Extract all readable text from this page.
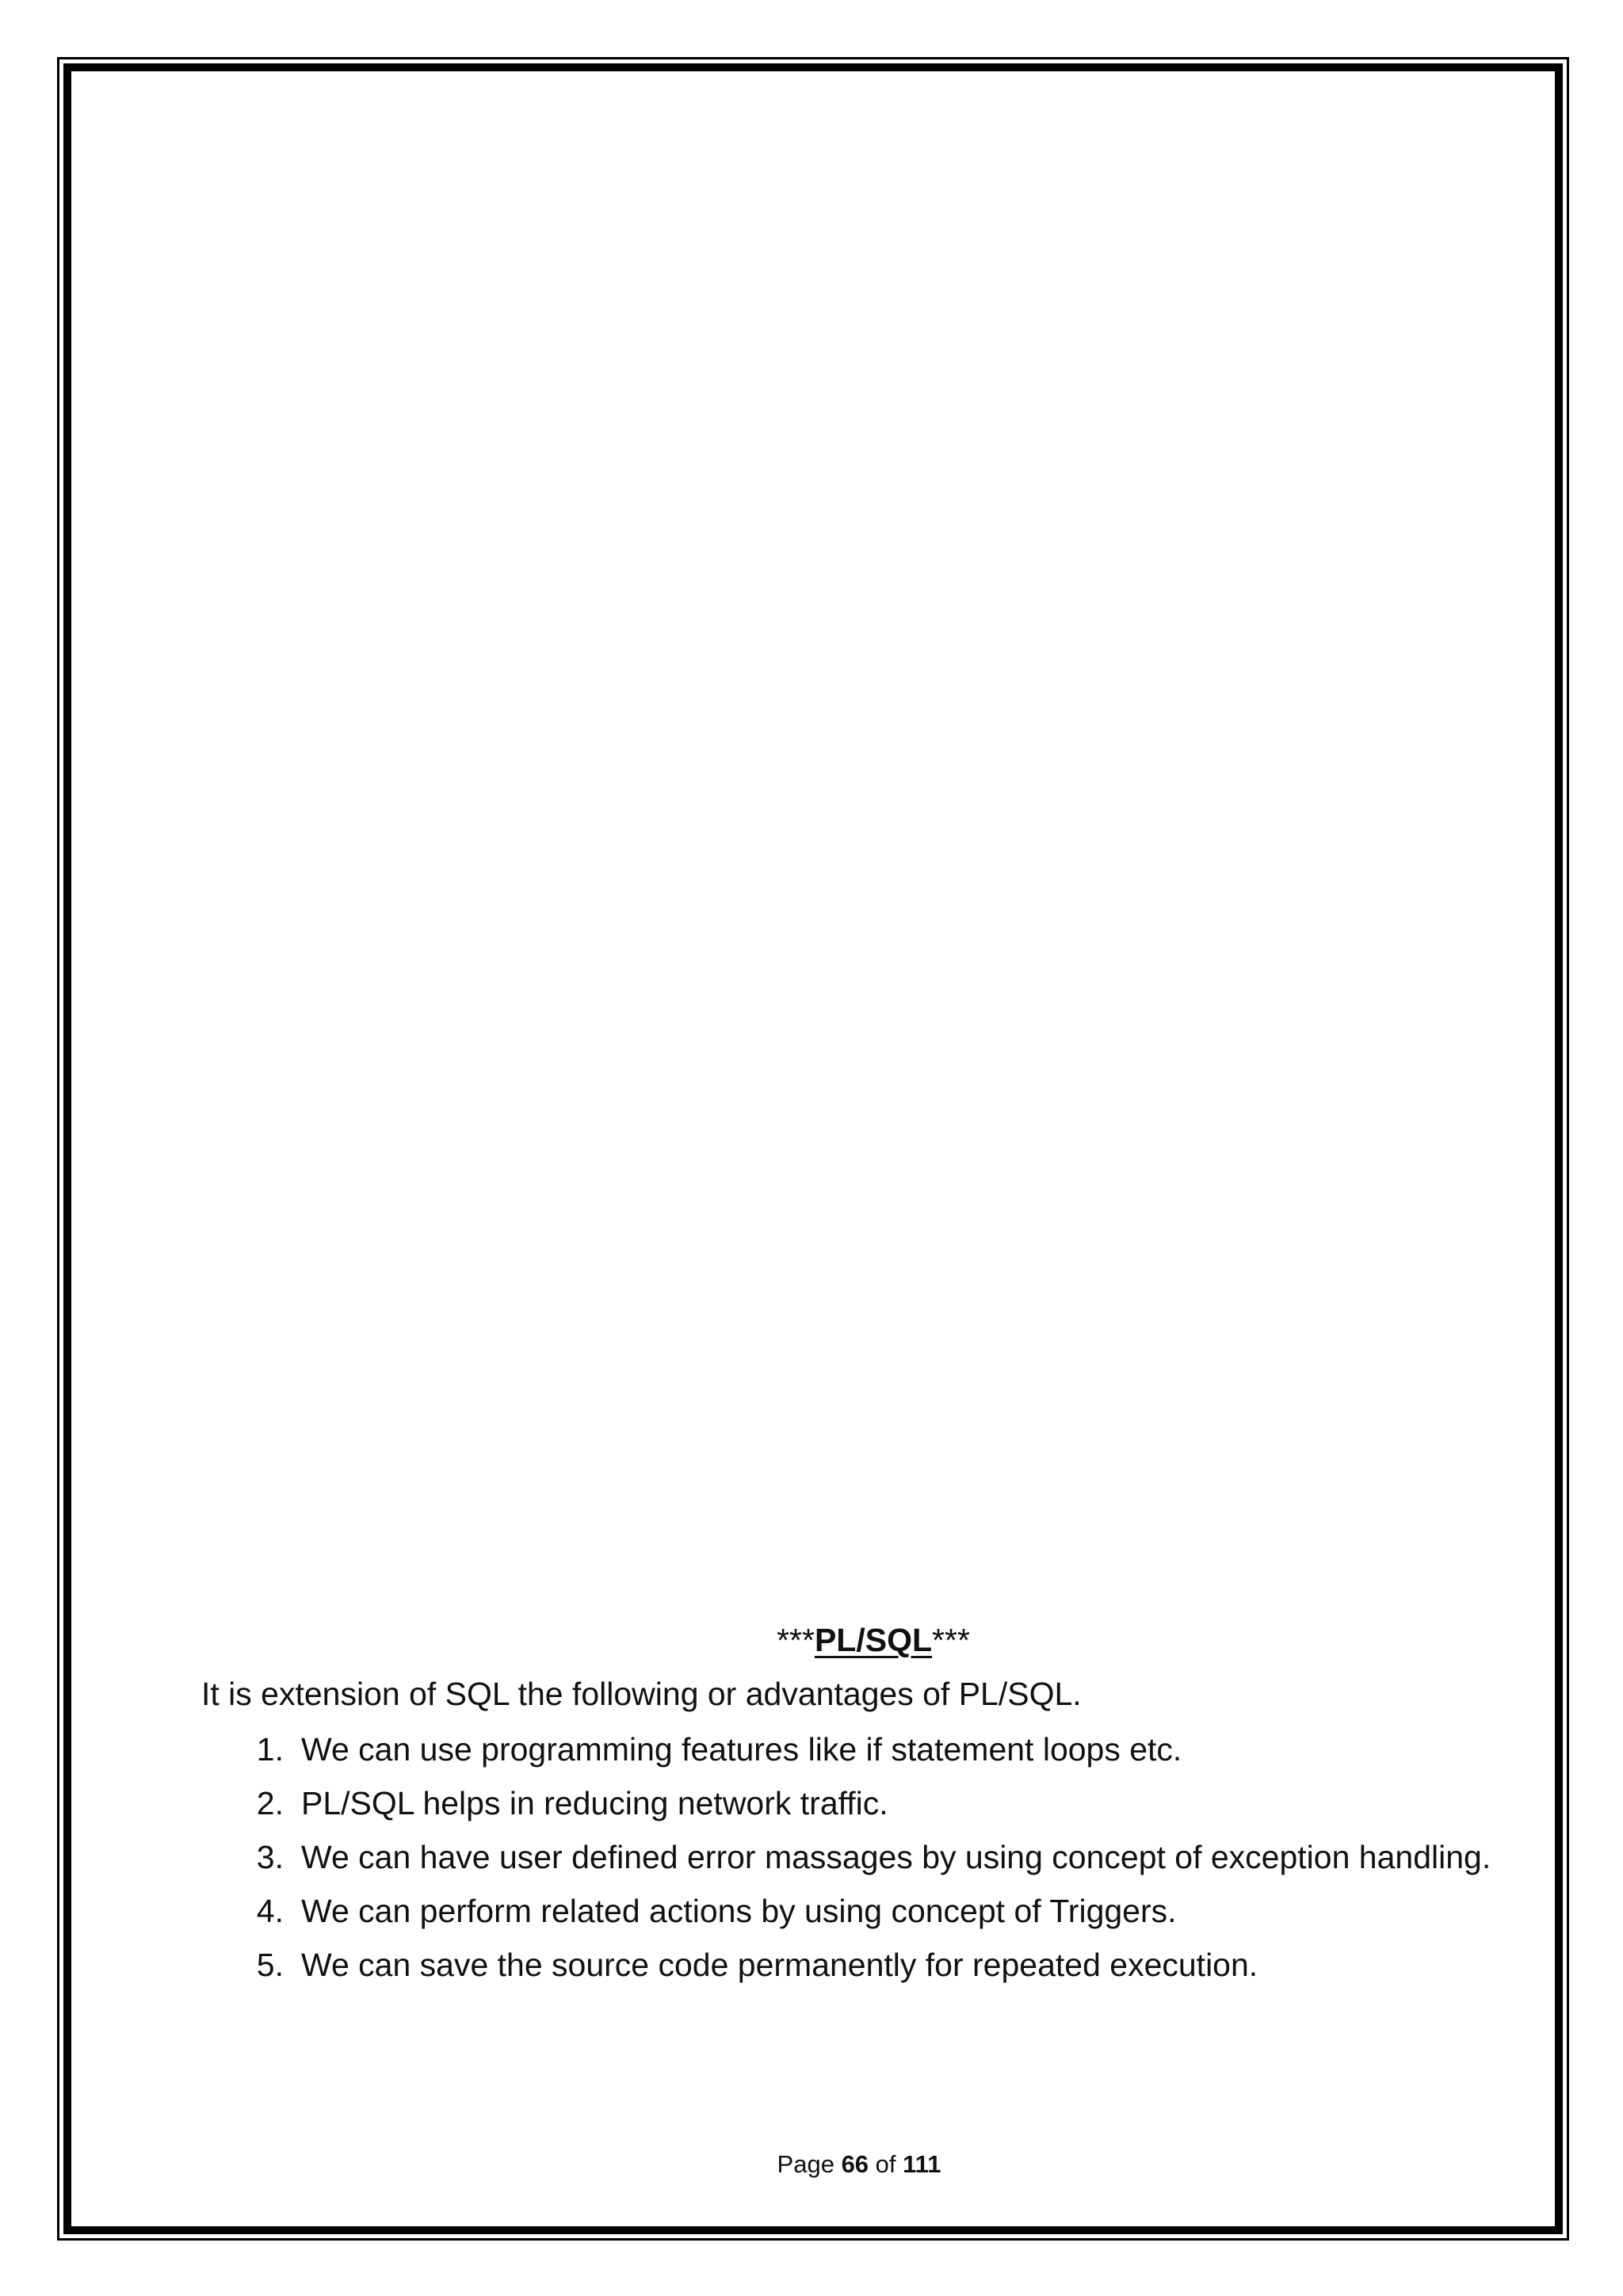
***PL/SQL***

It is extension of SQL the following or advantages of PL/SQL.

1. We can use programming features like if statement loops etc.
2. PL/SQL helps in reducing network traffic.
3. We can have user defined error massages by using concept of exception handling.
4. We can perform related actions by using concept of Triggers.
5. We can save the source code permanently for repeated execution.
Page 66 of 111
